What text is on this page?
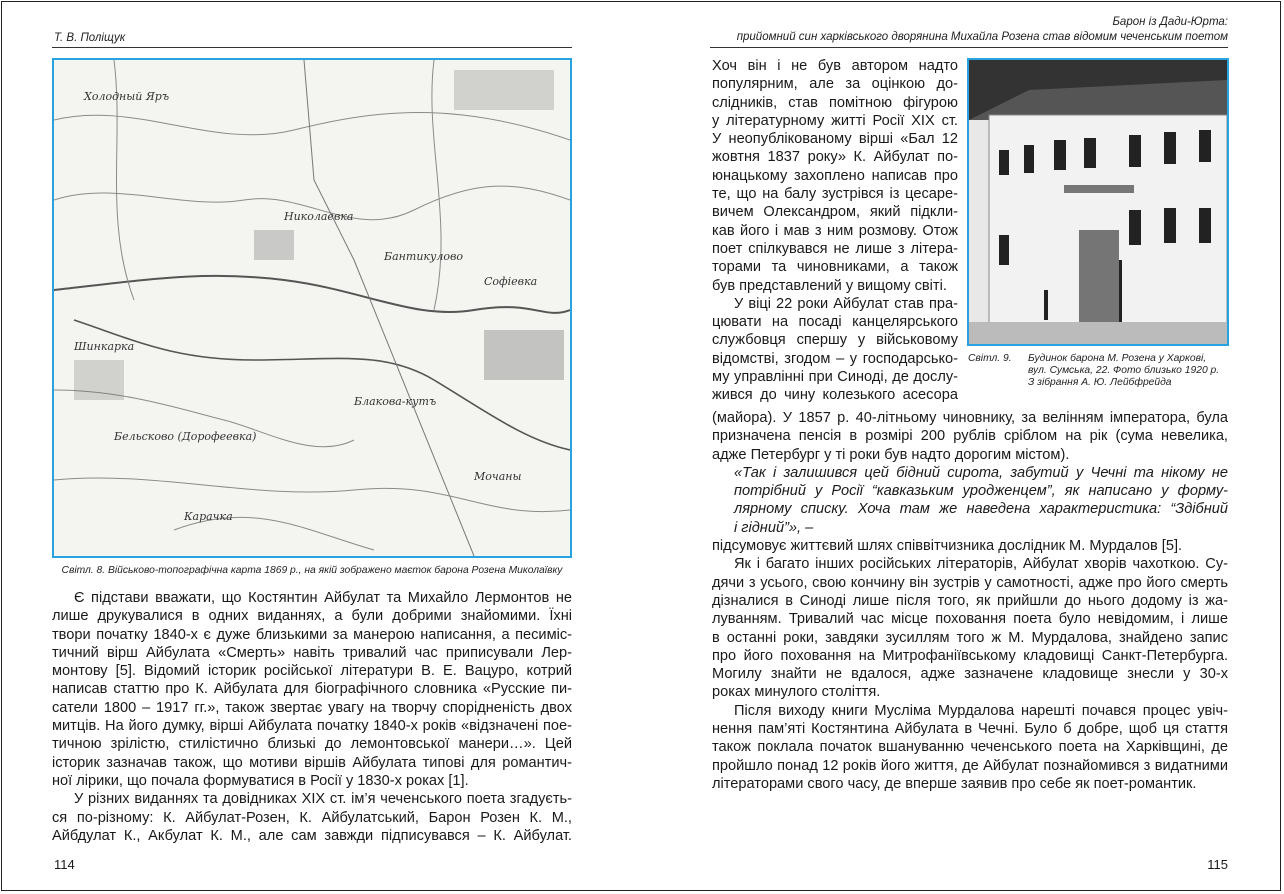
Т. В. Поліщук
Николаевка
Холодный Яръ
Шинкарка
Бантикулово
Софіевка
Бельсково (Дорофеевка)
Блакова-кутъ
Карачка
Мочаны
Світл. 8. Військово-топографічна карта 1869 р., на якій зображено маєток барона Розена Миколаївку
Є підстави вважати, що Костянтин Айбулат та Михайло Лермонтов не
лише друкувалися в одних виданнях, а були добрими знайомими. Їхні
твори початку 1840-х є дуже близькими за манерою написання, а песиміс-
тичний вірш Айбулата «Смерть» навіть тривалий час приписували Лер-
монтову [5]. Відомий історик російської літератури В. Е. Вацуро, котрий
написав статтю про К. Айбулата для біографічного словника «Русские пи-
сатели 1800 – 1917 гг.», також звертає увагу на творчу спорідненість двох
митців. На його думку, вірші Айбулата початку 1840-х років «відзначені пое-
тичною зрілістю, стилістично близькі до лемонтовської манери…». Цей
історик зазначав також, що мотиви віршів Айбулата типові для романтич-
ної лірики, що почала формуватися в Росії у 1830-х роках [1].
У різних виданнях та довідниках XIX ст. ім’я чеченського поета згадуєть-
ся по-різному: К. Айбулат-Розен, К. Айбулатський, Барон Розен К. М.,
Айбдулат К., Акбулат К. М., але сам завжди підписувався – К. Айбулат.
114
Барон із Дади-Юрта:
прийомний син харківського дворянина Михайла Розена став відомим чеченським поетом
Хоч він і не був автором надто
популярним, але за оцінкою до-
слідників, став помітною фігурою
у літературному житті Росії XIX ст.
У неопублікованому вірші «Бал 12
жовтня 1837 року» К. Айбулат по-
юнацькому захоплено написав про
те, що на балу зустрівся із цесаре-
вичем Олександром, який підкли-
кав його і мав з ним розмову. Отож
поет спілкувався не лише з літера-
торами та чиновниками, а також
був представлений у вищому світі.
У віці 22 роки Айбулат став пра-
цювати на посаді канцелярського
службовця спершу у військовому
відомстві, згодом – у господарсько-
му управлінні при Синоді, де дослу-
жився до чину колезького асесора
Світл. 9. Будинок барона М. Розена у Харкові,
вул. Сумська, 22. Фото близько 1920 р.
З зібрання А. Ю. Лейбфрейда
(майора). У 1857 р. 40-літньому чиновнику, за велінням імператора, була
призначена пенсія в розмірі 200 рублів сріблом на рік (сума невелика,
адже Петербург у ті роки був надто дорогим містом).
«Так і залишився цей бідний сирота, забутий у Чечні та нікому не
потрібний у Росії “кавказьким уродженцем”, як написано у форму-
лярному списку. Хоча там же наведена характеристика: “Здібний
і гідний”», –
підсумовує життєвий шлях співвітчизника дослідник М. Мурдалов [5].
Як і багато інших російських літераторів, Айбулат хворів чахоткою. Су-
дячи з усього, свою кончину він зустрів у самотності, адже про його смерть
дізналися в Синоді лише після того, як прийшли до нього додому із жа-
луванням. Тривалий час місце поховання поета було невідомим, і лише
в останні роки, завдяки зусиллям того ж М. Мурдалова, знайдено запис
про його поховання на Митрофаніївському кладовищі Санкт-Петербурга.
Могилу знайти не вдалося, адже зазначене кладовище знесли у 30-х
роках минулого століття.
Після виходу книги Мусліма Мурдалова нарешті почався процес увіч-
нення пам’яті Костянтина Айбулата в Чечні. Було б добре, щоб ця стаття
також поклала початок вшануванню чеченського поета на Харківщині, де
пройшло понад 12 років його життя, де Айбулат познайомився з видатними
літераторами свого часу, де вперше заявив про себе як поет-романтик.
115
